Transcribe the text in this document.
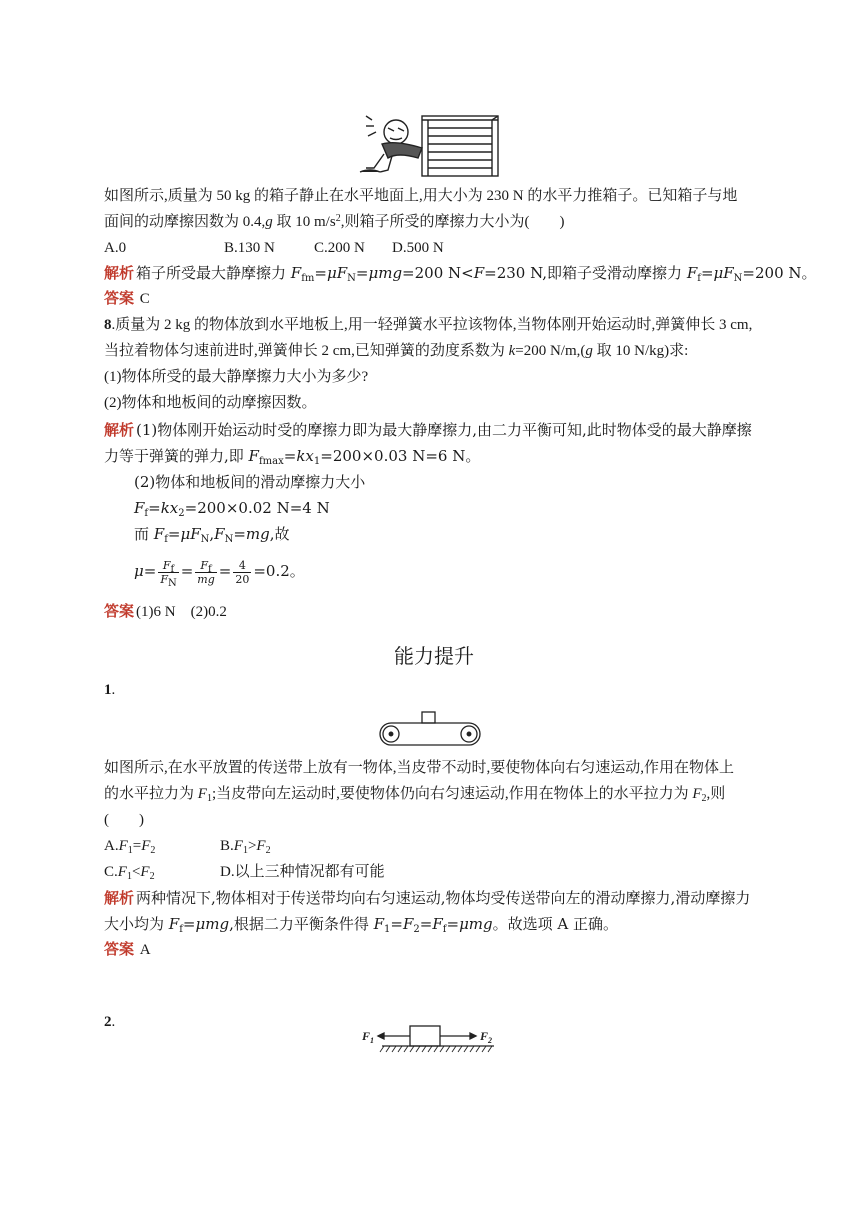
如图所示,质量为 50 kg 的箱子静止在水平地面上,用大小为 230 N 的水平力推箱子。已知箱子与地
面间的动摩擦因数为 0.4,g 取 10 $m/s^2$,则箱子所受的摩擦力大小为(　　)
A.0	B.130 N	C.200 N D.500 N
解析 箱子所受最大静摩擦力 $F_{fm}=\mu F_N=\mu mg=200$ N<F=230 N,即箱子受滑动摩擦力 $F_f=\mu F_N=200$ N。
答案 C
8.质量为 2 kg 的物体放到水平地板上,用一轻弹簧水平拉该物体,当物体刚开始运动时,弹簧伸长 3 cm,
当拉着物体匀速前进时,弹簧伸长 2 cm,已知弹簧的劲度系数为 k=200 N/m,(g 取 10 N/kg)求:
(1)物体所受的最大静摩擦力大小为多少?
(2)物体和地板间的动摩擦因数。
解析 (1)物体刚开始运动时受的摩擦力即为最大静摩擦力,由二力平衡可知,此时物体受的最大静摩擦
力等于弹簧的弹力,即 $F_{fmax}=kx_1=200\times 0.03$ N=6 N。
(2)物体和地板间的滑动摩擦力大小
$F_f=kx_2=200\times 0.02$ N=4 N
而 $F_f=\mu F_N,F_N=mg$,故
$\mu= \frac{F_f}{F_N} = \frac{F_f}{mg} = \frac{4}{20} =0.2$。
答案 (1)6 N　(2)0.2
能力提升
1.
如图所示,在水平放置的传送带上放有一物体,当皮带不动时,要使物体向右匀速运动,作用在物体上
的水平拉力为 $F_1$;当皮带向左运动时,要使物体仍向右匀速运动,作用在物体上的水平拉力为 $F_2$,则
(　　)
$A.F_1=F_2$	$B.F_1>F_2$
$C.F_1<F_2$	D.以上三种情况都有可能
解析 两种情况下,物体相对于传送带均向右匀速运动,物体均受传送带向左的滑动摩擦力,滑动摩擦力
大小均为 $F_f=\mu mg$,根据二力平衡条件得 $F_1=F_2=F_f=\mu mg$。故选项 A 正确。
答案 A
2.
$F_1$	$F_2$
